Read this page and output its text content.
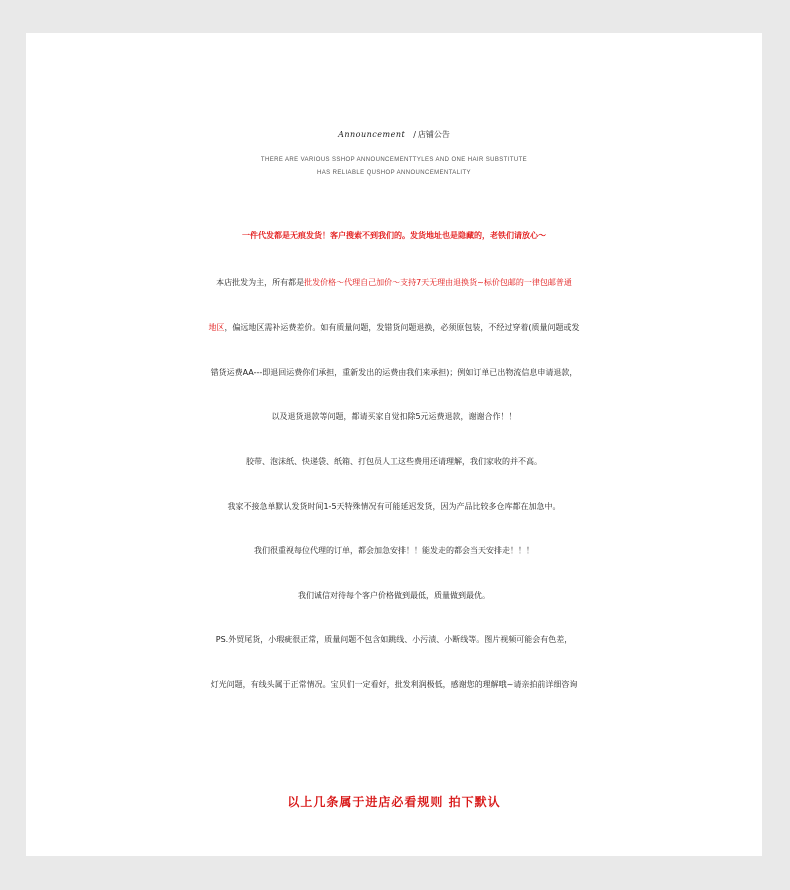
Announcement / 店铺公告
THERE ARE VARIOUS SSHOP ANNOUNCEMENTTYLES AND ONE HAIR SUBSTITUTE
HAS RELIABLE QUSHOP ANNOUNCEMENTALITY
一件代发都是无痕发货！客户搜索不到我们的。发货地址也是隐藏的，老铁们请放心～
本店批发为主，所有都是批发价格～代理自己加价～支持7天无理由退换货~标价包邮的一律包邮普通
地区，偏远地区需补运费差价。如有质量问题，发错货问题退换，必须原包装，不经过穿着(质量问题或发
错货运费AA---即退回运费你们承担，重新发出的运费由我们来承担)；例如订单已出物流信息申请退款，
以及退货退款等问题，都请买家自觉扣除5元运费退款，谢谢合作！！
胶带、泡沫纸、快递袋、纸箱、打包员人工这些费用还请理解，我们家收的并不高。
我家不接急单默认发货时间1-5天特殊情况有可能延迟发货，因为产品比较多仓库都在加急中。
我们很重视每位代理的订单，都会加急安排！！能发走的都会当天安排走！！！
我们诚信对待每个客户价格做到最低，质量做到最优。
PS.外贸尾货，小瑕疵很正常，质量问题不包含如跳线、小污渍、小断线等。图片视频可能会有色差，
灯光问题，有线头属于正常情况。宝贝们一定看好，批发利润极低，感谢您的理解哦~请亲拍前详细咨询
以上几条属于进店必看规则 拍下默认
